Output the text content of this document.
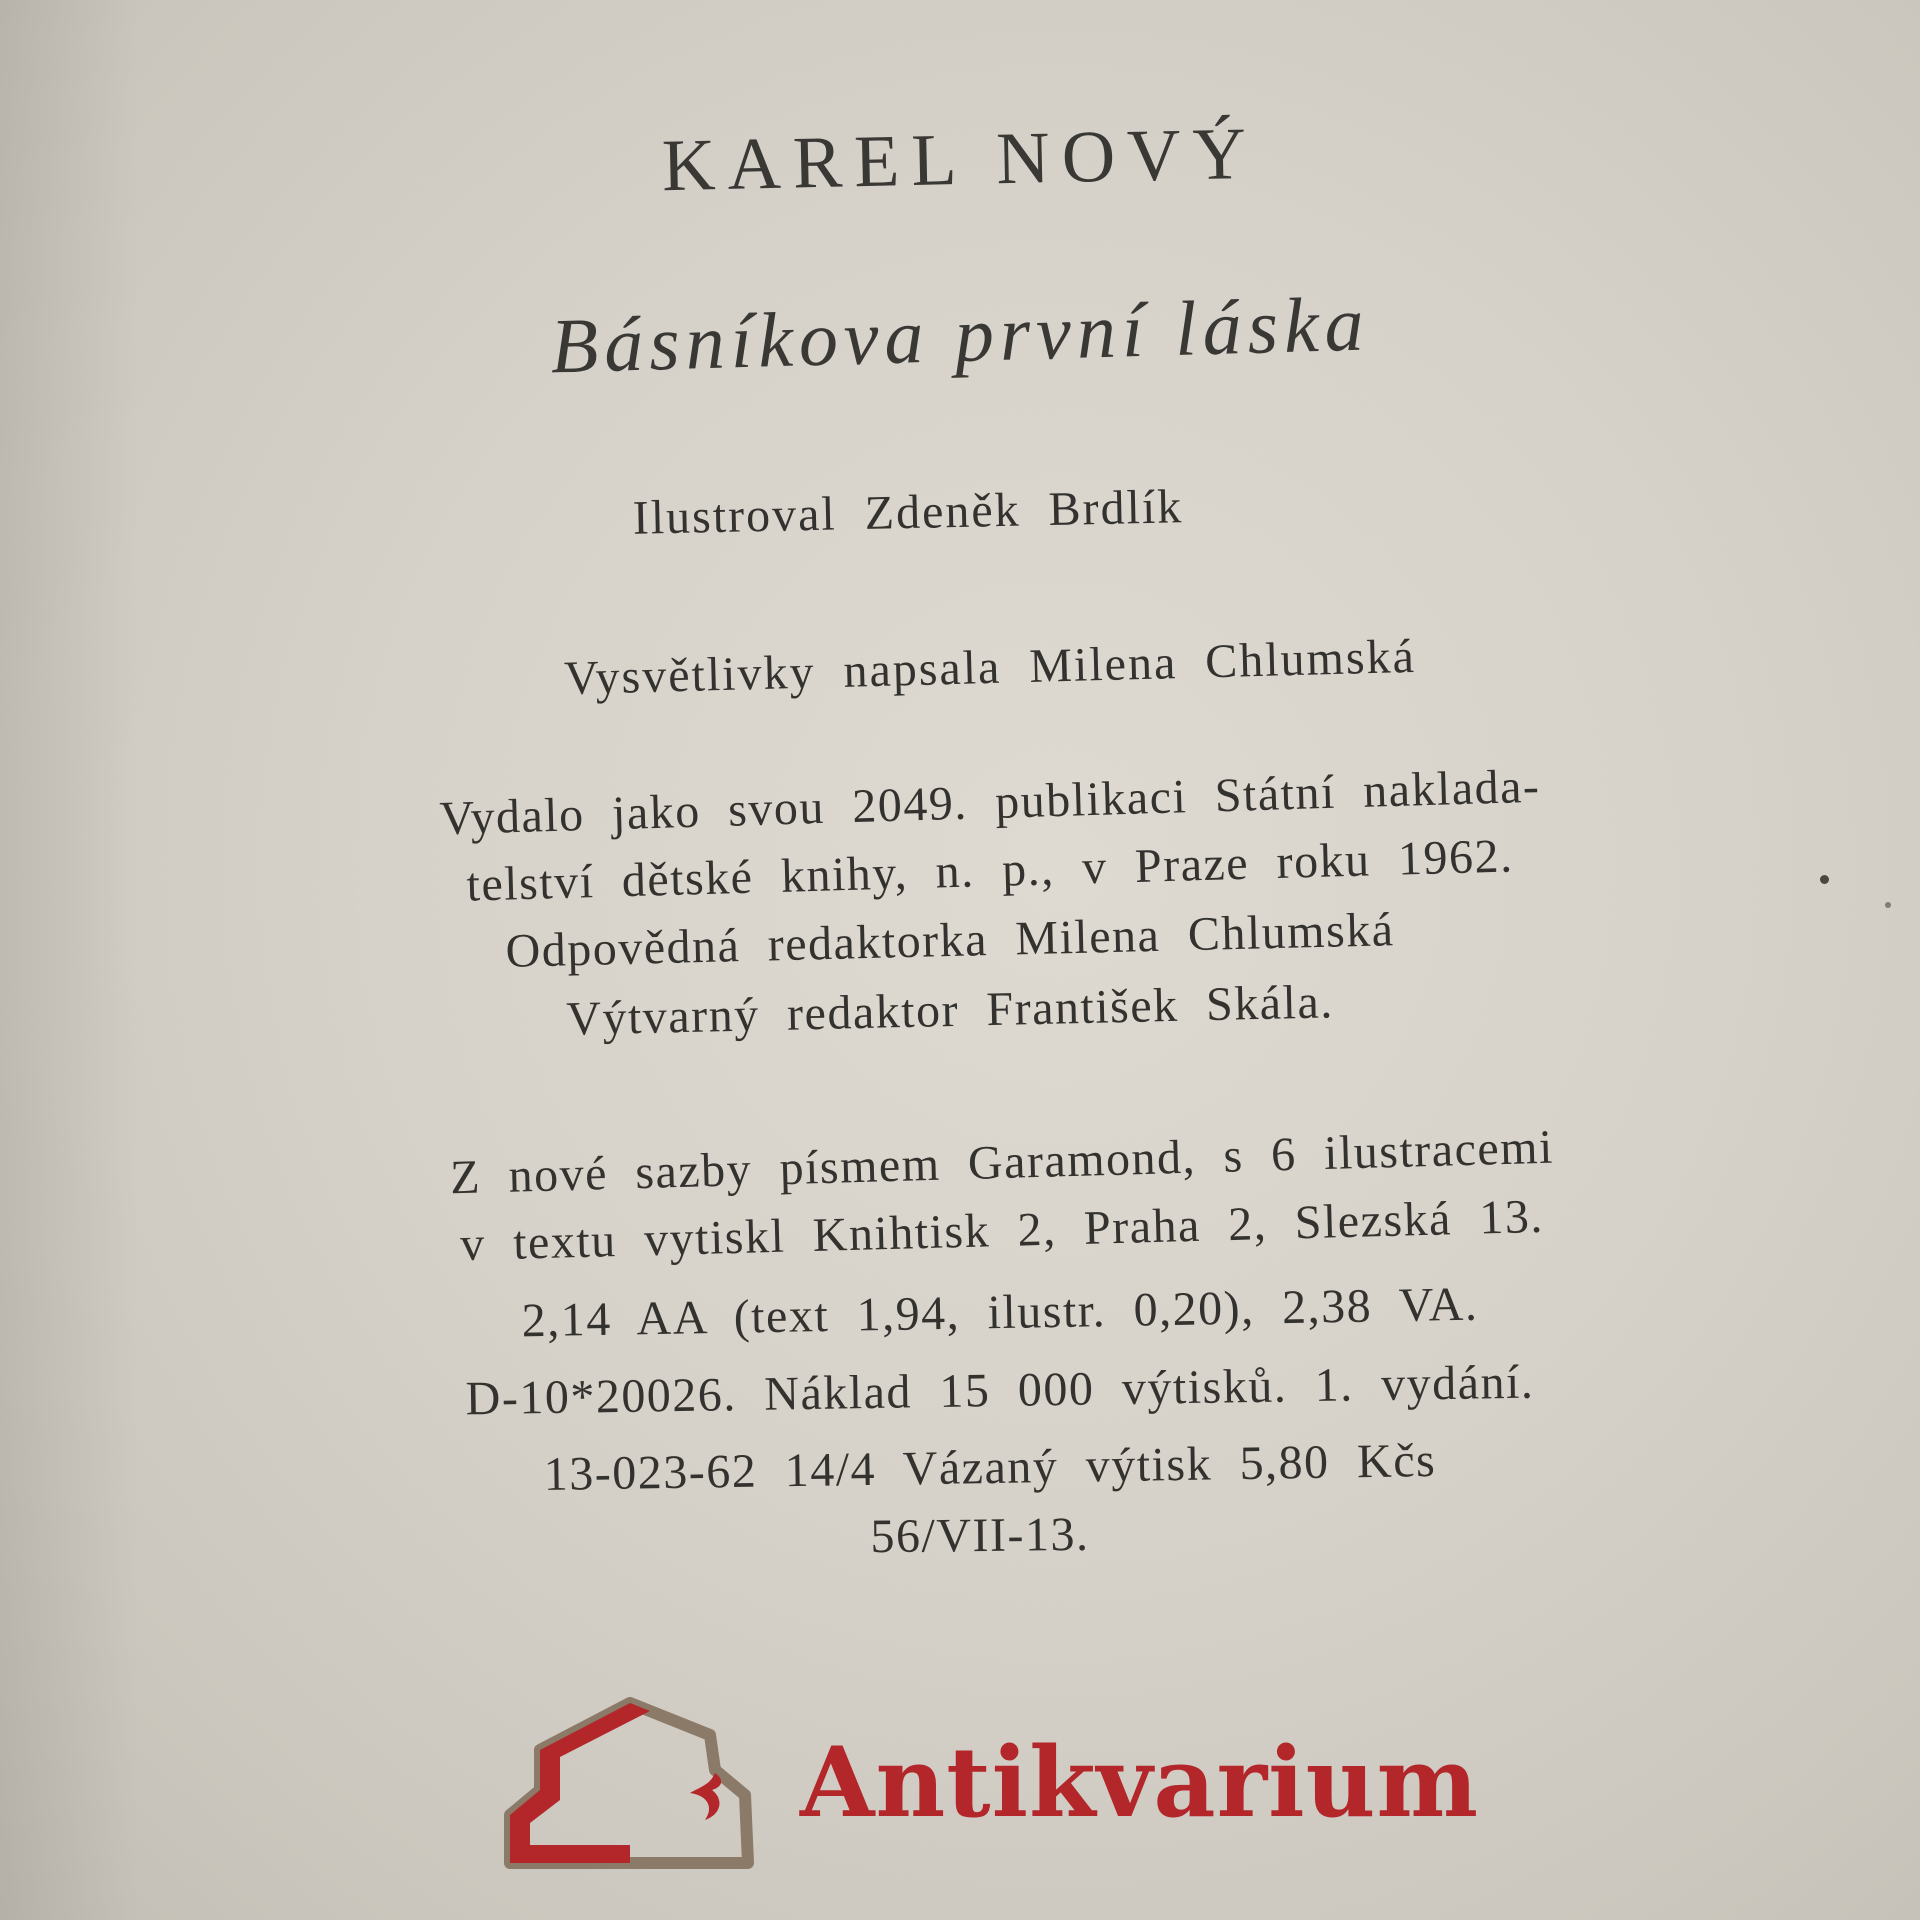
KAREL NOVÝ
Básníkova první láska
Ilustroval Zdeněk Brdlík
Vysvětlivky napsala Milena Chlumská
Vydalo jako svou 2049. publikaci Státní naklada-
telství dětské knihy, n. p., v Praze roku 1962.
Odpovědná redaktorka Milena Chlumská
Výtvarný redaktor František Skála.
Z nové sazby písmem Garamond, s 6 ilustracemi
v textu vytiskl Knihtisk 2, Praha 2, Slezská 13.
2,14 AA (text 1,94, ilustr. 0,20), 2,38 VA.
D-10*20026. Náklad 15 000 výtisků. 1. vydání.
13-023-62 14/4 Vázaný výtisk 5,80 Kčs
56/VII-13.
Antikvarium
